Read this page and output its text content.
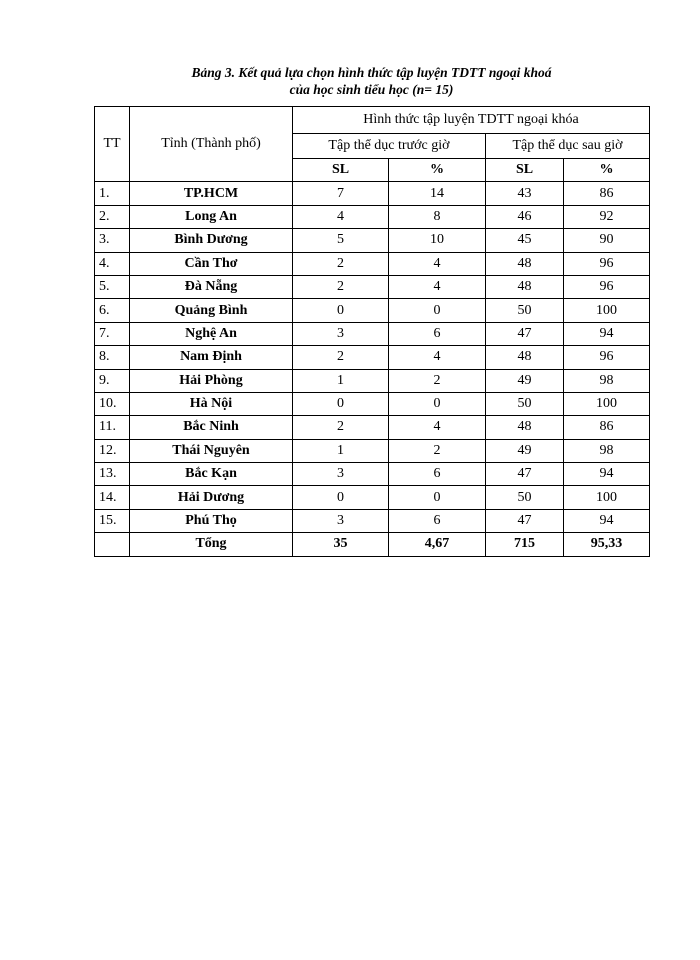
Bảng 3. Kết quả lựa chọn hình thức tập luyện TDTT ngoại khoá
của học sinh tiểu học (n= 15)
TT	Tỉnh (Thành phố)	Hình thức tập luyện TDTT ngoại khóa			
		Tập thể dục trước giờ		Tập thể dục sau giờ	
		SL	%	SL	%
1.	TP.HCM	7	14	43	86
2.	Long An	4	8	46	92
3.	Bình Dương	5	10	45	90
4.	Cần Thơ	2	4	48	96
5.	Đà Nẵng	2	4	48	96
6.	Quảng Bình	0	0	50	100
7.	Nghệ An	3	6	47	94
8.	Nam Định	2	4	48	96
9.	Hải Phòng	1	2	49	98
10.	Hà Nội	0	0	50	100
11.	Bắc Ninh	2	4	48	86
12.	Thái Nguyên	1	2	49	98
13.	Bắc Kạn	3	6	47	94
14.	Hải Dương	0	0	50	100
15.	Phú Thọ	3	6	47	94
	Tổng	35	4,67	715	95,33
